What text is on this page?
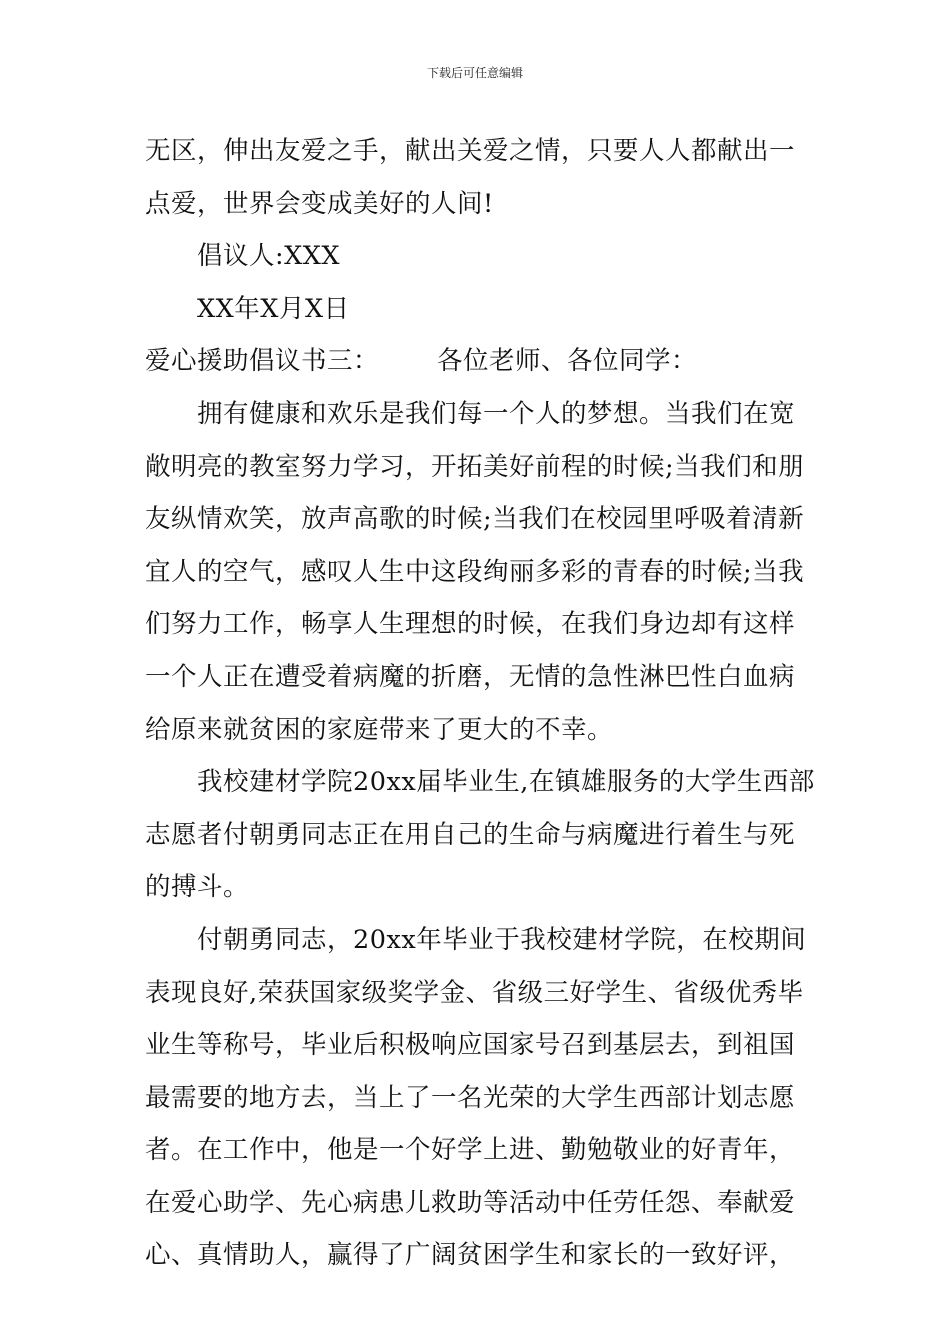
下载后可任意编辑
无区，伸出友爱之手，献出关爱之情，只要人人都献出一
点爱，世界会变成美好的人间!
倡议人:XXX
XX年X月X日
爱心援助倡议书三： 各位老师、各位同学：
拥有健康和欢乐是我们每一个人的梦想。当我们在宽
敞明亮的教室努力学习，开拓美好前程的时候;当我们和朋
友纵情欢笑，放声高歌的时候;当我们在校园里呼吸着清新
宜人的空气，感叹人生中这段绚丽多彩的青春的时候;当我
们努力工作，畅享人生理想的时候，在我们身边却有这样
一个人正在遭受着病魔的折磨，无情的急性淋巴性白血病
给原来就贫困的家庭带来了更大的不幸。
我校建材学院20xx届毕业生,在镇雄服务的大学生西部
志愿者付朝勇同志正在用自己的生命与病魔进行着生与死
的搏斗。
付朝勇同志，20xx年毕业于我校建材学院，在校期间
表现良好,荣获国家级奖学金、省级三好学生、省级优秀毕
业生等称号，毕业后积极响应国家号召到基层去，到祖国
最需要的地方去，当上了一名光荣的大学生西部计划志愿
者。在工作中，他是一个好学上进、勤勉敬业的好青年，
在爱心助学、先心病患儿救助等活动中任劳任怨、奉献爱
心、真情助人，赢得了广阔贫困学生和家长的一致好评，
